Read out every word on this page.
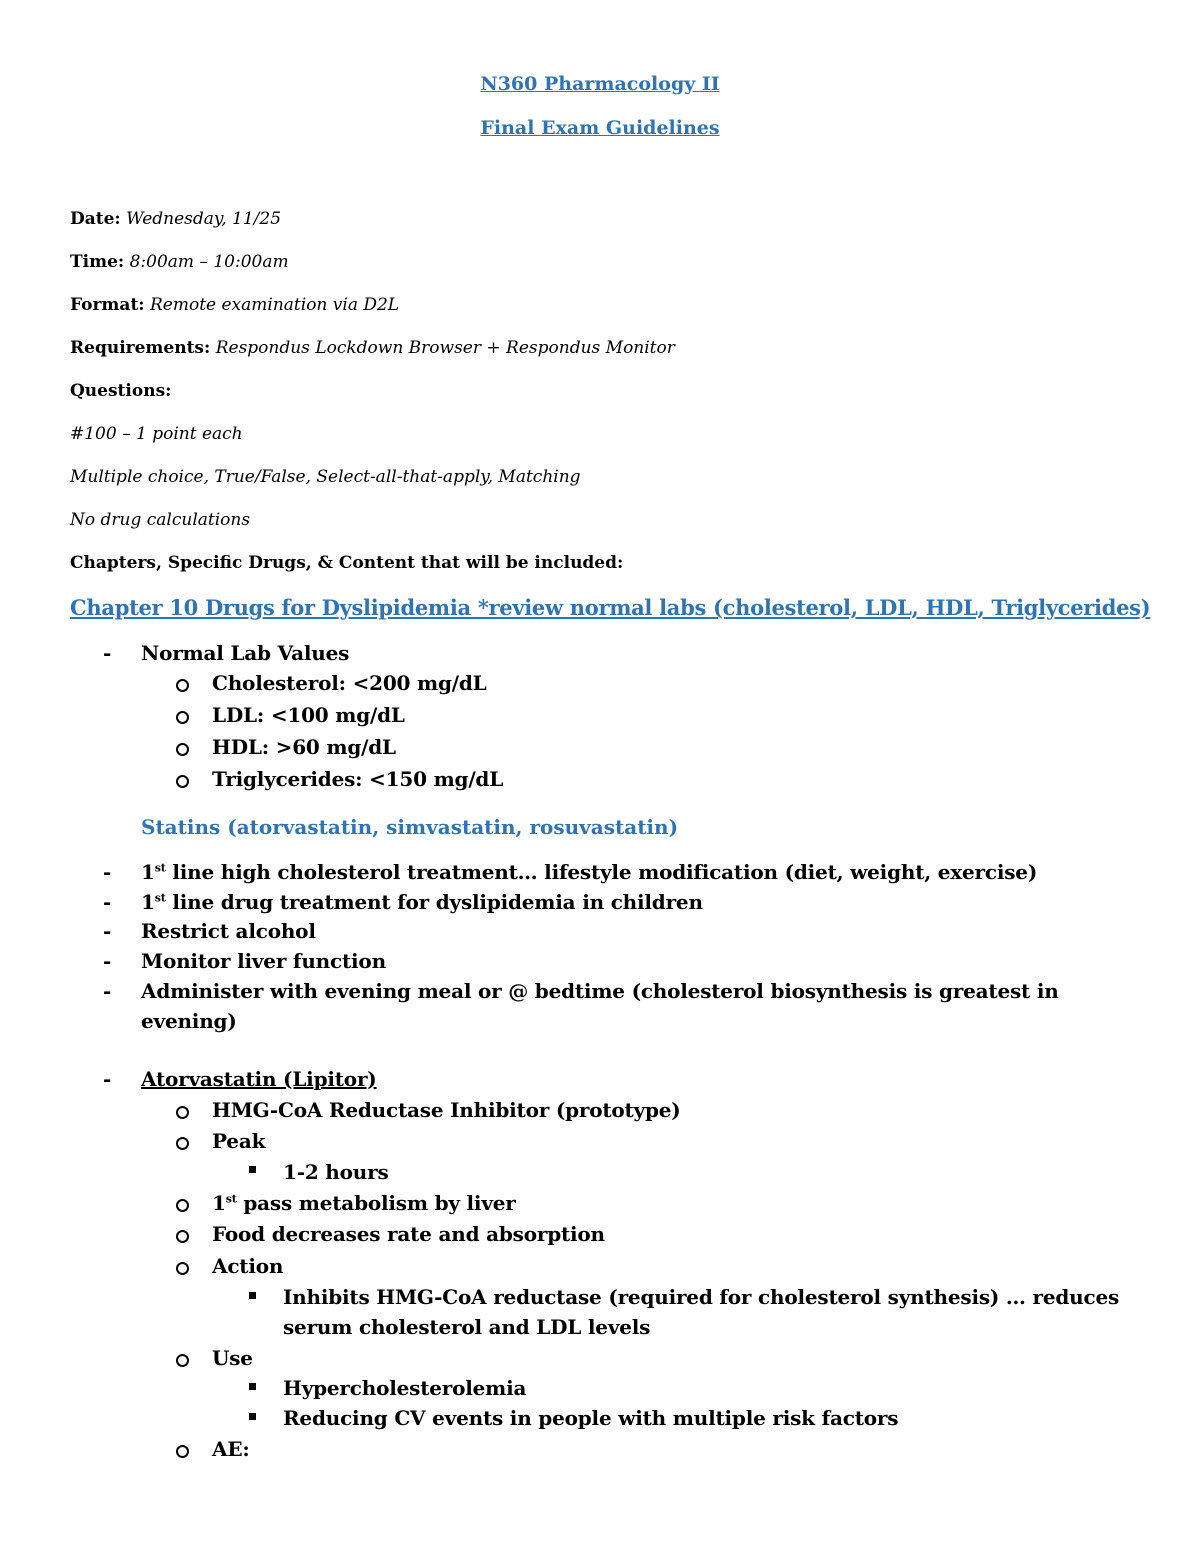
N360 Pharmacology II
Final Exam Guidelines
Date: Wednesday, 11/25
Time: 8:00am – 10:00am
Format: Remote examination via D2L
Requirements: Respondus Lockdown Browser + Respondus Monitor
Questions:
#100 – 1 point each
Multiple choice, True/False, Select-all-that-apply, Matching
No drug calculations
Chapters, Specific Drugs, & Content that will be included:
Chapter 10 Drugs for Dyslipidemia *review normal labs (cholesterol, LDL, HDL, Triglycerides)
- Normal Lab Values
Cholesterol: <200 mg/dL
LDL: <100 mg/dL
HDL: >60 mg/dL
Triglycerides: <150 mg/dL
Statins (atorvastatin, simvastatin, rosuvastatin)
- 1st line high cholesterol treatment… lifestyle modification (diet, weight, exercise)
- 1st line drug treatment for dyslipidemia in children
- Restrict alcohol
- Monitor liver function
- Administer with evening meal or @ bedtime (cholesterol biosynthesis is greatest in
evening)
- Atorvastatin (Lipitor)
HMG-CoA Reductase Inhibitor (prototype)
Peak
1-2 hours
1st pass metabolism by liver
Food decreases rate and absorption
Action
Inhibits HMG-CoA reductase (required for cholesterol synthesis) … reduces
serum cholesterol and LDL levels
Use
Hypercholesterolemia
Reducing CV events in people with multiple risk factors
AE:
